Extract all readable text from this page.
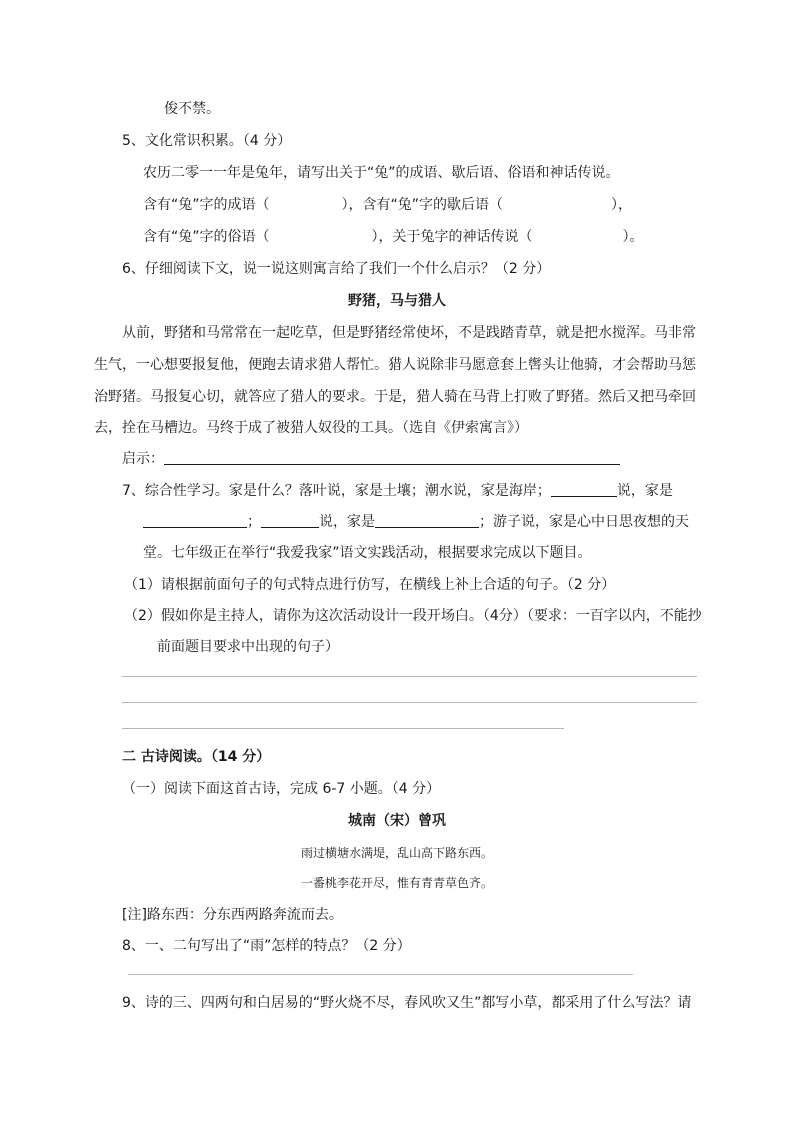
俊不禁。
5、文化常识积累。（4 分）
农历二零一一年是兔年，请写出关于“兔”的成语、歇后语、俗语和神话传说。
含有“兔”字的成语（	），含有“兔”字的歇后语（	），
含有“兔”字的俗语（	），关于兔字的神话传说（	）。
6、仔细阅读下文，说一说这则寓言给了我们一个什么启示？（2 分）
野猪，马与猎人
从前，野猪和马常常在一起吃草，但是野猪经常使坏，不是践踏青草，就是把水搅浑。马非常
生气，一心想要报复他，便跑去请求猎人帮忙。猎人说除非马愿意套上辔头让他骑，才会帮助马惩
治野猪。马报复心切，就答应了猎人的要求。于是，猎人骑在马背上打败了野猪。然后又把马牵回
去，拴在马槽边。马终于成了被猎人奴役的工具。（选自《伊索寓言》）
启示：
7、综合性学习。家是什么？落叶说，家是土壤；潮水说，家是海岸；	说，家是
；	说，家是	；游子说，家是心中日思夜想的天
堂。七年级正在举行“我爱我家”语文实践活动，根据要求完成以下题目。
（1）请根据前面句子的句式特点进行仿写，在横线上补上合适的句子。（2 分）
（2）假如你是主持人，请你为这次活动设计一段开场白。（4分）（要求：一百字以内，不能抄
前面题目要求中出现的句子）
二 古诗阅读。（14 分）
（一）阅读下面这首古诗，完成 6-7 小题。（4 分）
城南（宋）曾巩
雨过横塘水满堤，乱山高下路东西。
一番桃李花开尽，惟有青青草色齐。
[注]路东西：分东西两路奔流而去。
8、一、二句写出了“雨”怎样的特点？（2 分）
9、诗的三、四两句和白居易的“野火烧不尽，春风吹又生”都写小草，都采用了什么写法？请
